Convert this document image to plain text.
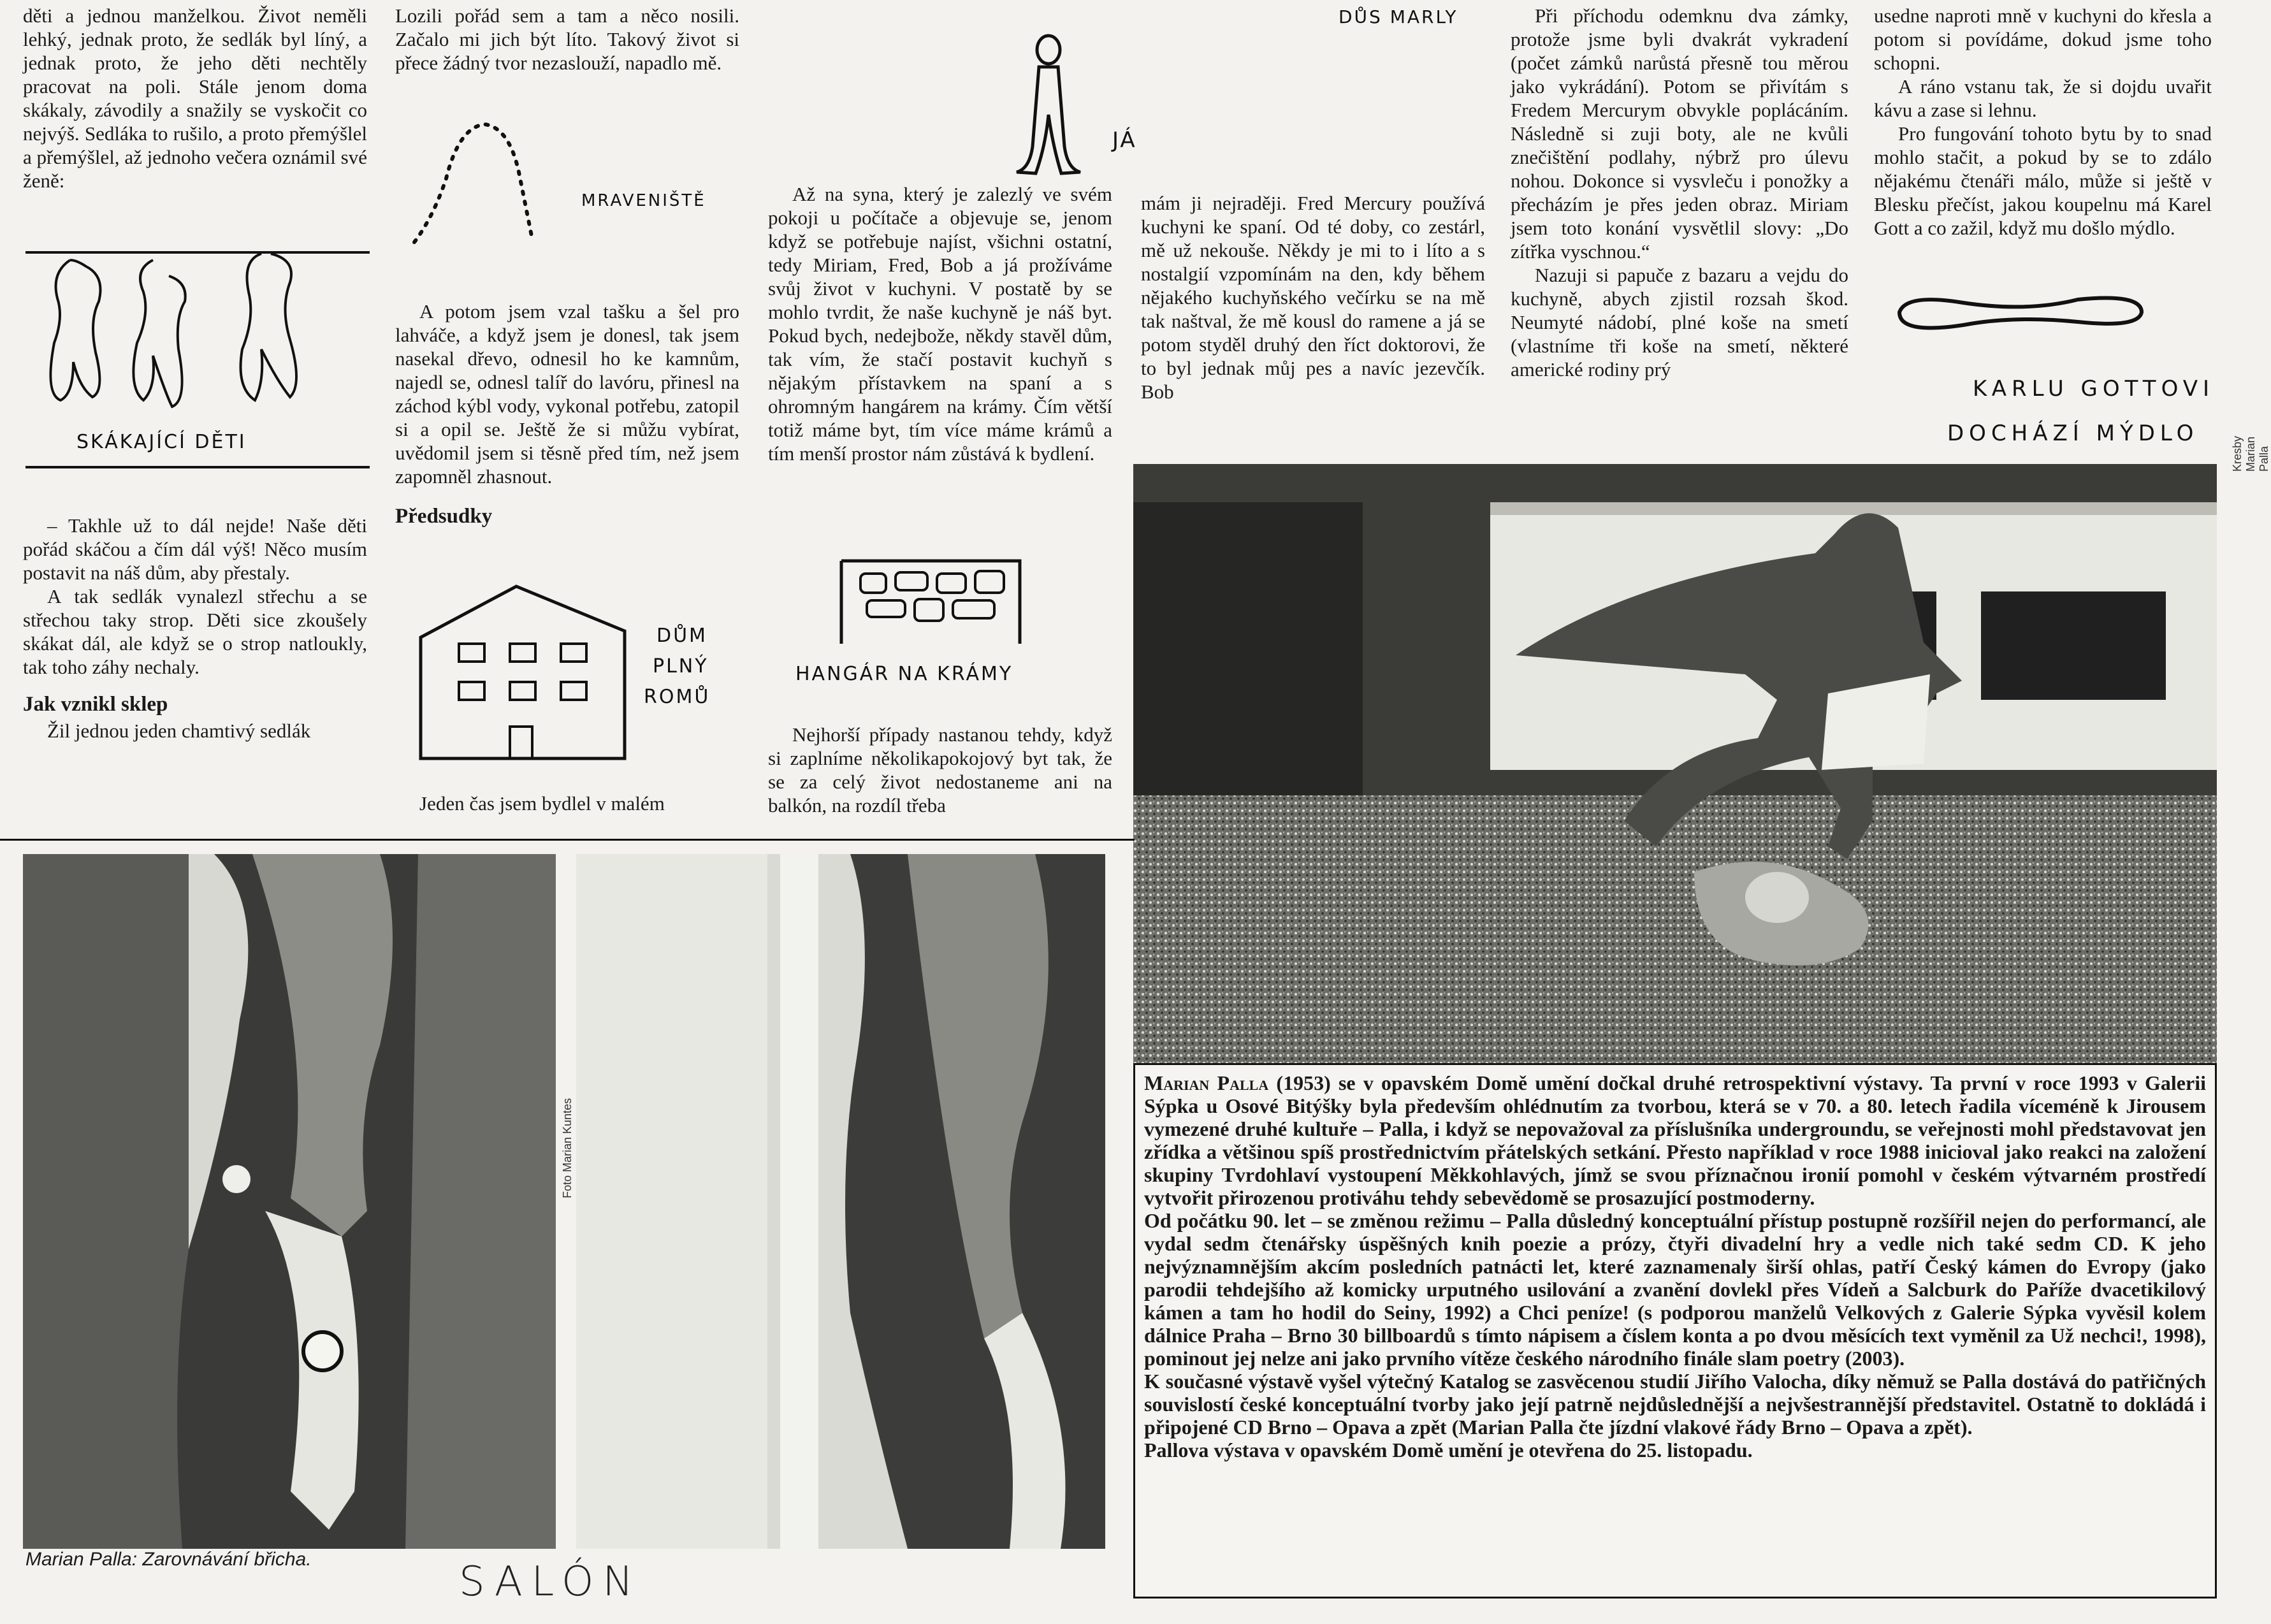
děti a jednou manželkou. Život neměli lehký, jednak proto, že sedlák byl líný, a jednak proto, že jeho děti nechtěly pracovat na poli. Stále jenom doma skákaly, závodily a snažily se vyskočit co nejvýš. Sedláka to rušilo, a proto přemýšlel a přemýšlel, až jednoho večera oznámil své ženě:

SKÁKAJÍCÍ DĚTI

– Takhle už to dál nejde! Naše děti pořád skáčou a čím dál výš! Něco musím postavit na náš dům, aby přestaly.

A tak sedlák vynalezl střechu a se střechou taky strop. Děti sice zkoušely skákat dál, ale když se o strop natloukly, tak toho záhy nechaly.

Jak vznikl sklep

Žil jednou jeden chamtivý sedlák

Lozili pořád sem a tam a něco nosili. Začalo mi jich být líto. Takový život si přece žádný tvor nezaslouží, napadlo mě.

MRAVENIŠTĚ

A potom jsem vzal tašku a šel pro lahváče, a když jsem je donesl, tak jsem nasekal dřevo, odnesil ho ke kamnům, najedl se, odnesl talíř do lavóru, přinesl na záchod kýbl vody, vykonal potřebu, zatopil si a opil se. Ještě že si můžu vybírat, uvědomil jsem si těsně před tím, než jsem zapomněl zhasnout.

Předsudky
DŮM
PLNÝ
ROMŮ

Jeden čas jsem bydlel v malém

JÁ

Až na syna, který je zalezlý ve svém pokoji u počítače a objevuje se, jenom když se potřebuje najíst, všichni ostatní, tedy Miriam, Fred, Bob a já prožíváme svůj život v kuchyni. V postatě by se mohlo tvrdit, že naše kuchyně je náš byt. Pokud bych, nedejbože, někdy stavěl dům, tak vím, že stačí postavit kuchyň s nějakým přístavkem na spaní a s ohromným hangárem na krámy. Čím větší totiž máme byt, tím více máme krámů a tím menší prostor nám zůstává k bydlení.

HANGÁR NA KRÁMY

Nejhorší případy nastanou tehdy, když si zaplníme několikapokojový byt tak, že se za celý život nedostaneme ani na balkón, na rozdíl třeba

DŮS MARLY

mám ji nejraději. Fred Mercury používá kuchyni ke spaní. Od té doby, co zestárl, mě už nekouše. Někdy je mi to i líto a s nostalgií vzpomínám na den, kdy během nějakého kuchyňského večírku se na mě tak naštval, že mě kousl do ramene a já se potom styděl druhý den říct doktorovi, že to byl jednak můj pes a navíc jezevčík. Bob

Při příchodu odemknu dva zámky, protože jsme byli dvakrát vykradení (počet zámků narůstá přesně tou měrou jako vykrádání). Potom se přivítám s Fredem Mercurym obvykle poplácáním. Následně si zuji boty, ale ne kvůli znečištění podlahy, nýbrž pro úlevu nohou. Dokonce si vysvleču i ponožky a přecházím je přes jeden obraz. Miriam jsem toto konání vysvětlil slovy: „Do zítřka vyschnou.“

Nazuji si papuče z bazaru a vejdu do kuchyně, abych zjistil rozsah škod. Neumyté nádobí, plné koše na smetí (vlastníme tři koše na smetí, některé americké rodiny prý

usedne naproti mně v kuchyni do křesla a potom si povídáme, dokud jsme toho schopni.

A ráno vstanu tak, že si dojdu uvařit kávu a zase si lehnu.

Pro fungování tohoto bytu by to snad mohlo stačit, a pokud by se to zdálo nějakému čtenáři málo, může si ještě v Blesku přečíst, jakou koupelnu má Karel Gott a co zažil, když mu došlo mýdlo.

KARLU GOTTOVI
DOCHÁZÍ MÝDLO
Kresby Marian Palla

Marian Palla (1953) se v opavském Domě umění dočkal druhé retrospektivní výstavy. Ta první v roce 1993 v Galerii Sýpka u Osové Bitýšky byla především ohlédnutím za tvorbou, která se v 70. a 80. letech řadila víceméně k Jirousem vymezené druhé kultuře – Palla, i když se nepovažoval za příslušníka undergroundu, se veřejnosti mohl představovat jen zřídka a většinou spíš prostřednictvím přátelských setkání. Přesto například v roce 1988 inicioval jako reakci na založení skupiny Tvrdohlaví vystoupení Měkkohlavých, jímž se svou příznačnou ironií pomohl v českém výtvarném prostředí vytvořit přirozenou protiváhu tehdy sebevědomě se prosazující postmoderny.

Od počátku 90. let – se změnou režimu – Palla důsledný konceptuální přístup postupně rozšířil nejen do performancí, ale vydal sedm čtenářsky úspěšných knih poezie a prózy, čtyři divadelní hry a vedle nich také sedm CD. K jeho nejvýznamnějším akcím posledních patnácti let, které zaznamenaly širší ohlas, patří Český kámen do Evropy (jako parodii tehdejšího až komicky urputného usilování a zvanění dovlekl přes Vídeň a Salcburk do Paříže dvacetikilový kámen a tam ho hodil do Seiny, 1992) a Chci peníze! (s podporou manželů Velkových z Galerie Sýpka vyvěsil kolem dálnice Praha – Brno 30 billboardů s tímto nápisem a číslem konta a po dvou měsících text vyměnil za Už nechci!, 1998), pominout jej nelze ani jako prvního vítěze českého národního finále slam poetry (2003).

K současné výstavě vyšel výtečný Katalog se zasvěcenou studií Jiřího Valocha, díky němuž se Palla dostává do patřičných souvislostí české konceptuální tvorby jako její patrně nejdůslednější a nejvšestrannější představitel. Ostatně to dokládá i připojené CD Brno – Opava a zpět (Marian Palla čte jízdní vlakové řády Brno – Opava a zpět).

Pallova výstava v opavském Domě umění je otevřena do 25. listopadu.

Foto Marian Kuntes
Marian Palla: Zarovnávání břicha.	SALÓN
